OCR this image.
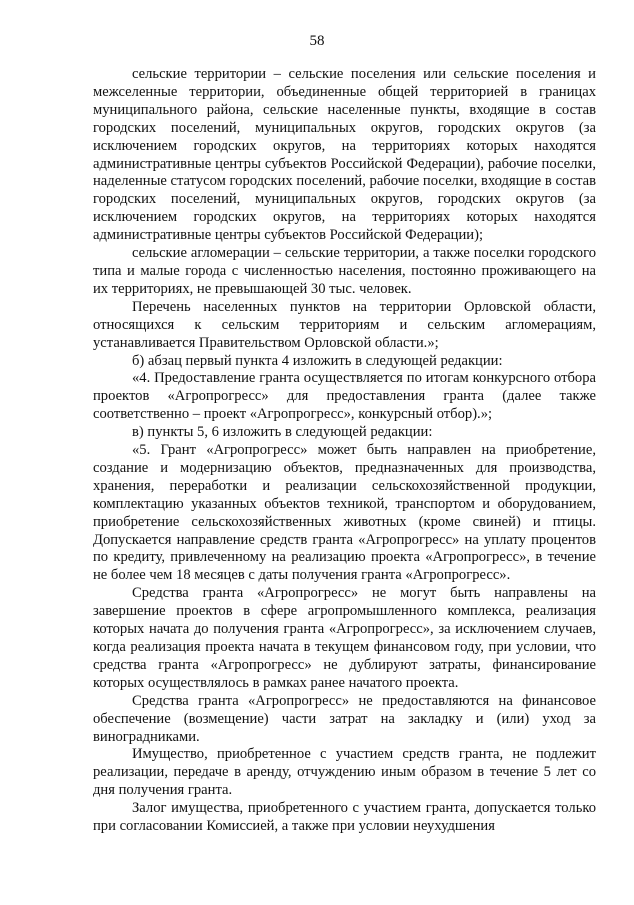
58

сельские территории – сельские поселения или сельские поселения и межселенные территории, объединенные общей территорией в границах муниципального района, сельские населенные пункты, входящие в состав городских поселений, муниципальных округов, городских округов (за исключением городских округов, на территориях которых находятся административные центры субъектов Российской Федерации), рабочие поселки, наделенные статусом городских поселений, рабочие поселки, входящие в состав городских поселений, муниципальных округов, городских округов (за исключением городских округов, на территориях которых находятся административные центры субъектов Российской Федерации);

сельские агломерации – сельские территории, а также поселки городского типа и малые города с численностью населения, постоянно проживающего на их территориях, не превышающей 30 тыс. человек.

Перечень населенных пунктов на территории Орловской области, относящихся к сельским территориям и сельским агломерациям, устанавливается Правительством Орловской области.»;

б) абзац первый пункта 4 изложить в следующей редакции:

«4. Предоставление гранта осуществляется по итогам конкурсного отбора проектов «Агропрогресс» для предоставления гранта (далее также соответственно – проект «Агропрогресс», конкурсный отбор).»;

в) пункты 5, 6 изложить в следующей редакции:

«5. Грант «Агропрогресс» может быть направлен на приобретение, создание и модернизацию объектов, предназначенных для производства, хранения, переработки и реализации сельскохозяйственной продукции, комплектацию указанных объектов техникой, транспортом и оборудованием, приобретение сельскохозяйственных животных (кроме свиней) и птицы. Допускается направление средств гранта «Агропрогресс» на уплату процентов по кредиту, привлеченному на реализацию проекта «Агропрогресс», в течение не более чем 18 месяцев с даты получения гранта «Агропрогресс».

Средства гранта «Агропрогресс» не могут быть направлены на завершение проектов в сфере агропромышленного комплекса, реализация которых начата до получения гранта «Агропрогресс», за исключением случаев, когда реализация проекта начата в текущем финансовом году, при условии, что средства гранта «Агропрогресс» не дублируют затраты, финансирование которых осуществлялось в рамках ранее начатого проекта.

Средства гранта «Агропрогресс» не предоставляются на финансовое обеспечение (возмещение) части затрат на закладку и (или) уход за виноградниками.

Имущество, приобретенное с участием средств гранта, не подлежит реализации, передаче в аренду, отчуждению иным образом в течение 5 лет со дня получения гранта.

Залог имущества, приобретенного с участием гранта, допускается только при согласовании Комиссией, а также при условии неухудшения
